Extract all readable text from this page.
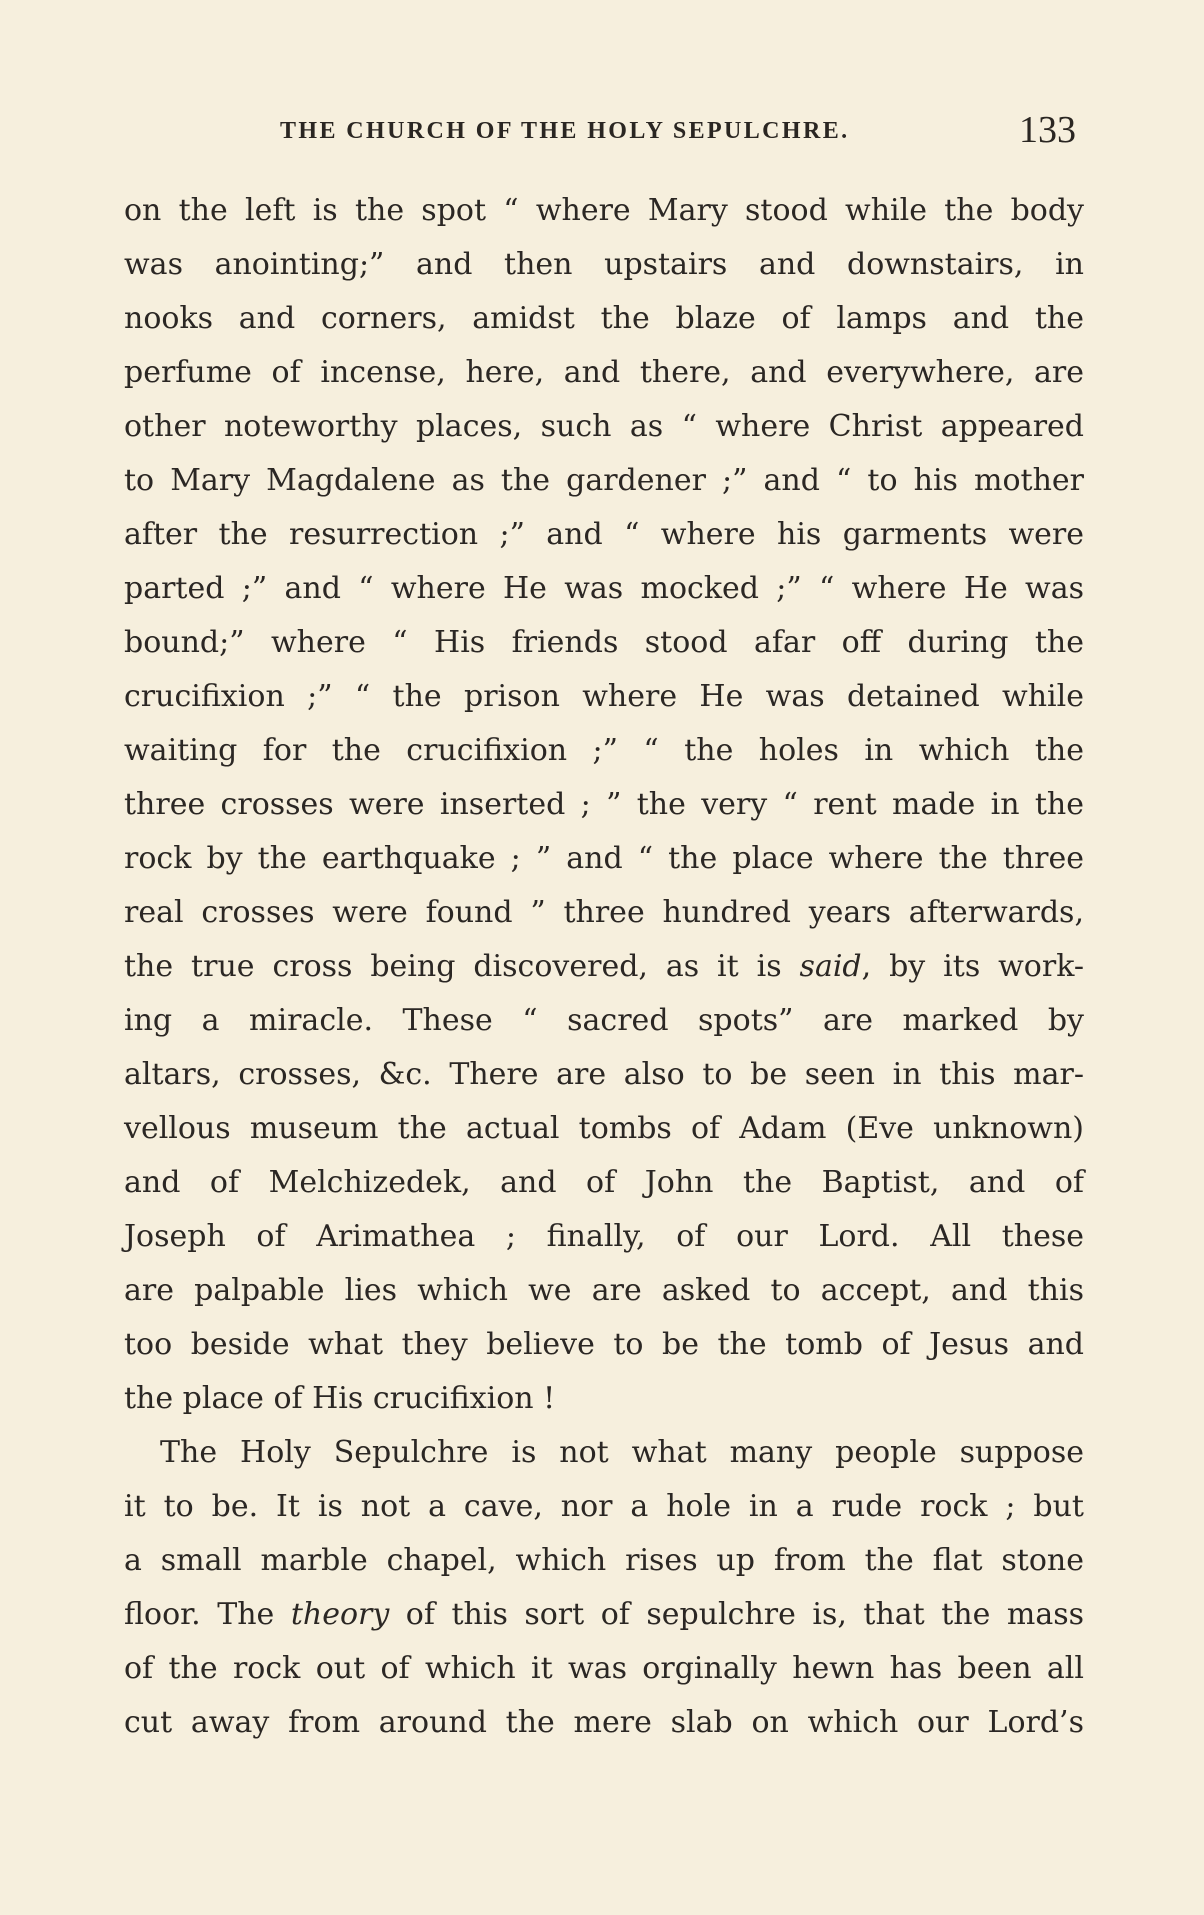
THE CHURCH OF THE HOLY SEPULCHRE.	133
on the left is the spot “ where Mary stood while the body
was anointing;” and then upstairs and downstairs, in
nooks and corners, amidst the blaze of lamps and the
perfume of incense, here, and there, and everywhere, are
other noteworthy places, such as “ where Christ appeared
to Mary Magdalene as the gardener ;” and “ to his mother
after the resurrection ;” and “ where his garments were
parted ;” and “ where He was mocked ;” “ where He was
bound;” where “ His friends stood afar off during the
crucifixion ;” “ the prison where He was detained while
waiting for the crucifixion ;” “ the holes in which the
three crosses were inserted ; ” the very “ rent made in the
rock by the earthquake ; ” and “ the place where the three
real crosses were found ” three hundred years afterwards,
the true cross being discovered, as it is said, by its work-
ing a miracle. These “ sacred spots” are marked by
altars, crosses, &c. There are also to be seen in this mar-
vellous museum the actual tombs of Adam (Eve unknown)
and of Melchizedek, and of John the Baptist, and of
Joseph of Arimathea ; finally, of our Lord. All these
are palpable lies which we are asked to accept, and this
too beside what they believe to be the tomb of Jesus and
the place of His crucifixion !
The Holy Sepulchre is not what many people suppose
it to be. It is not a cave, nor a hole in a rude rock ; but
a small marble chapel, which rises up from the flat stone
floor. The theory of this sort of sepulchre is, that the mass
of the rock out of which it was orginally hewn has been all
cut away from around the mere slab on which our Lord’s
